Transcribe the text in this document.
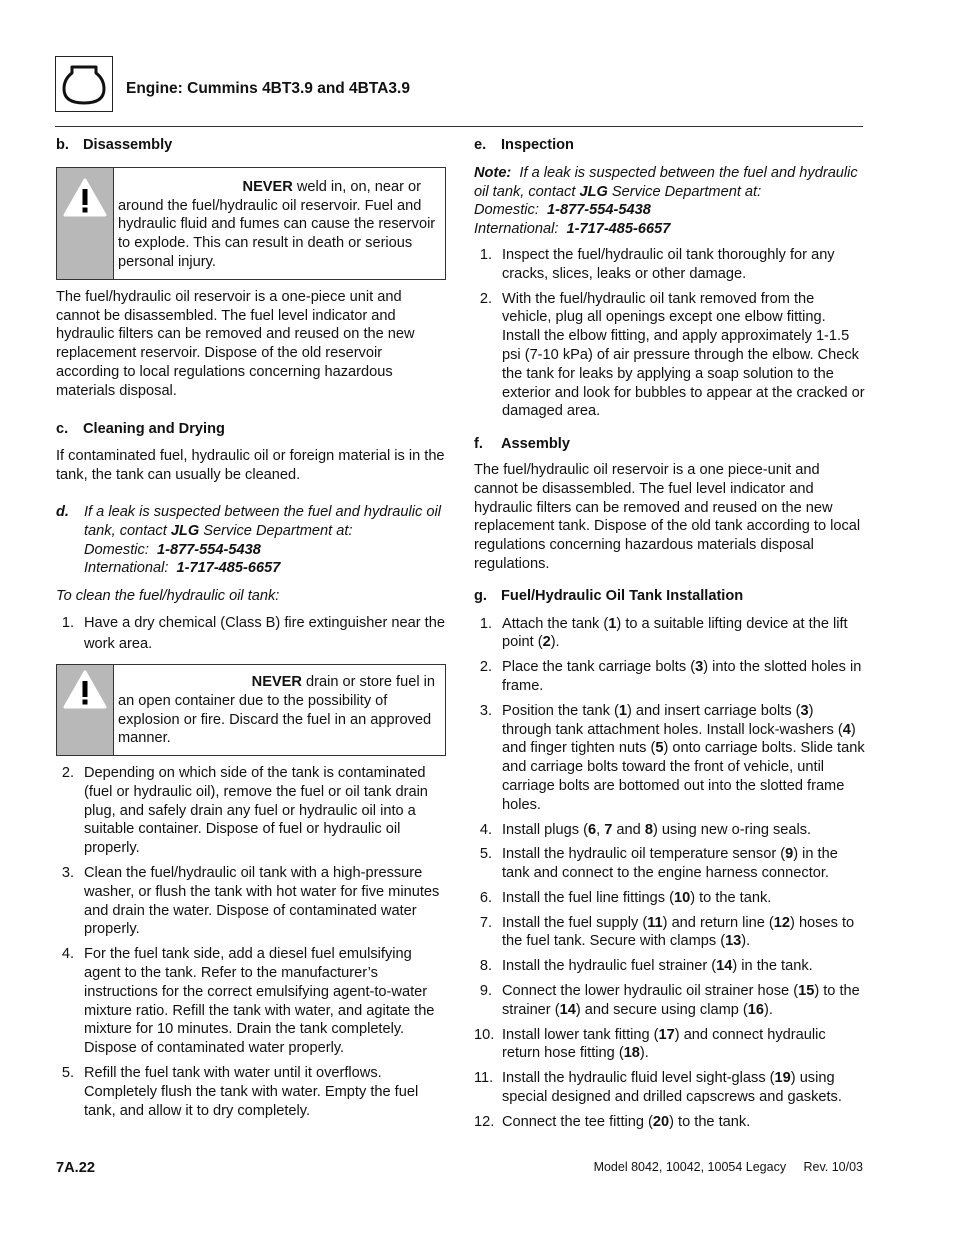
Engine: Cummins 4BT3.9 and 4BTA3.9
b. Disassembly
NEVER weld in, on, near or
around the fuel/hydraulic oil reservoir. Fuel and hydraulic fluid and fumes can cause the reservoir to explode. This can result in death or serious personal injury.

The fuel/hydraulic oil reservoir is a one-piece unit and cannot be disassembled. The fuel level indicator and hydraulic filters can be removed and reused on the new replacement reservoir. Dispose of the old reservoir according to local regulations concerning hazardous materials disposal.

c. Cleaning and Drying

If contaminated fuel, hydraulic oil or foreign material is in the tank, the tank can usually be cleaned.

d. If a leak is suspected between the fuel and hydraulic oil tank, contact JLG Service Department at:
Domestic: 1-877-554-5438
International: 1-717-485-6657

To clean the fuel/hydraulic oil tank:

1. Have a dry chemical (Class B) fire extinguisher near the work area.
NEVER drain or store fuel in
an open container due to the possibility of explosion or fire. Discard the fuel in an approved manner.
2. Depending on which side of the tank is contaminated (fuel or hydraulic oil), remove the fuel or oil tank drain plug, and safely drain any fuel or hydraulic oil into a suitable container. Dispose of fuel or hydraulic oil properly.
3. Clean the fuel/hydraulic oil tank with a high-pressure washer, or flush the tank with hot water for five minutes and drain the water. Dispose of contaminated water properly.
4. For the fuel tank side, add a diesel fuel emulsifying agent to the tank. Refer to the manufacturer’s instructions for the correct emulsifying agent-to-water mixture ratio. Refill the tank with water, and agitate the mixture for 10 minutes. Drain the tank completely. Dispose of contaminated water properly.
5. Refill the fuel tank with water until it overflows. Completely flush the tank with water. Empty the fuel tank, and allow it to dry completely.
e. Inspection
Note: If a leak is suspected between the fuel and hydraulic oil tank, contact JLG Service Department at:
Domestic: 1-877-554-5438
International: 1-717-485-6657
1. Inspect the fuel/hydraulic oil tank thoroughly for any cracks, slices, leaks or other damage.
2. With the fuel/hydraulic oil tank removed from the vehicle, plug all openings except one elbow fitting. Install the elbow fitting, and apply approximately 1-1.5 psi (7-10 kPa) of air pressure through the elbow. Check the tank for leaks by applying a soap solution to the exterior and look for bubbles to appear at the cracked or damaged area.
f. Assembly

The fuel/hydraulic oil reservoir is a one piece-unit and cannot be disassembled. The fuel level indicator and hydraulic filters can be removed and reused on the new replacement tank. Dispose of the old tank according to local regulations concerning hazardous materials disposal regulations.

g. Fuel/Hydraulic Oil Tank Installation
1. Attach the tank (1) to a suitable lifting device at the lift point (2).
2. Place the tank carriage bolts (3) into the slotted holes in frame.
3. Position the tank (1) and insert carriage bolts (3) through tank attachment holes. Install lock-washers (4) and finger tighten nuts (5) onto carriage bolts. Slide tank and carriage bolts toward the front of vehicle, until carriage bolts are bottomed out into the slotted frame holes.
4. Install plugs (6, 7 and 8) using new o-ring seals.
5. Install the hydraulic oil temperature sensor (9) in the tank and connect to the engine harness connector.
6. Install the fuel line fittings (10) to the tank.
7. Install the fuel supply (11) and return line (12) hoses to the fuel tank. Secure with clamps (13).
8. Install the hydraulic fuel strainer (14) in the tank.
9. Connect the lower hydraulic oil strainer hose (15) to the strainer (14) and secure using clamp (16).
10. Install lower tank fitting (17) and connect hydraulic return hose fitting (18).
11. Install the hydraulic fluid level sight-glass (19) using special designed and drilled capscrews and gaskets.
12. Connect the tee fitting (20) to the tank.
7A.22	Model 8042, 10042, 10054 Legacy Rev. 10/03
